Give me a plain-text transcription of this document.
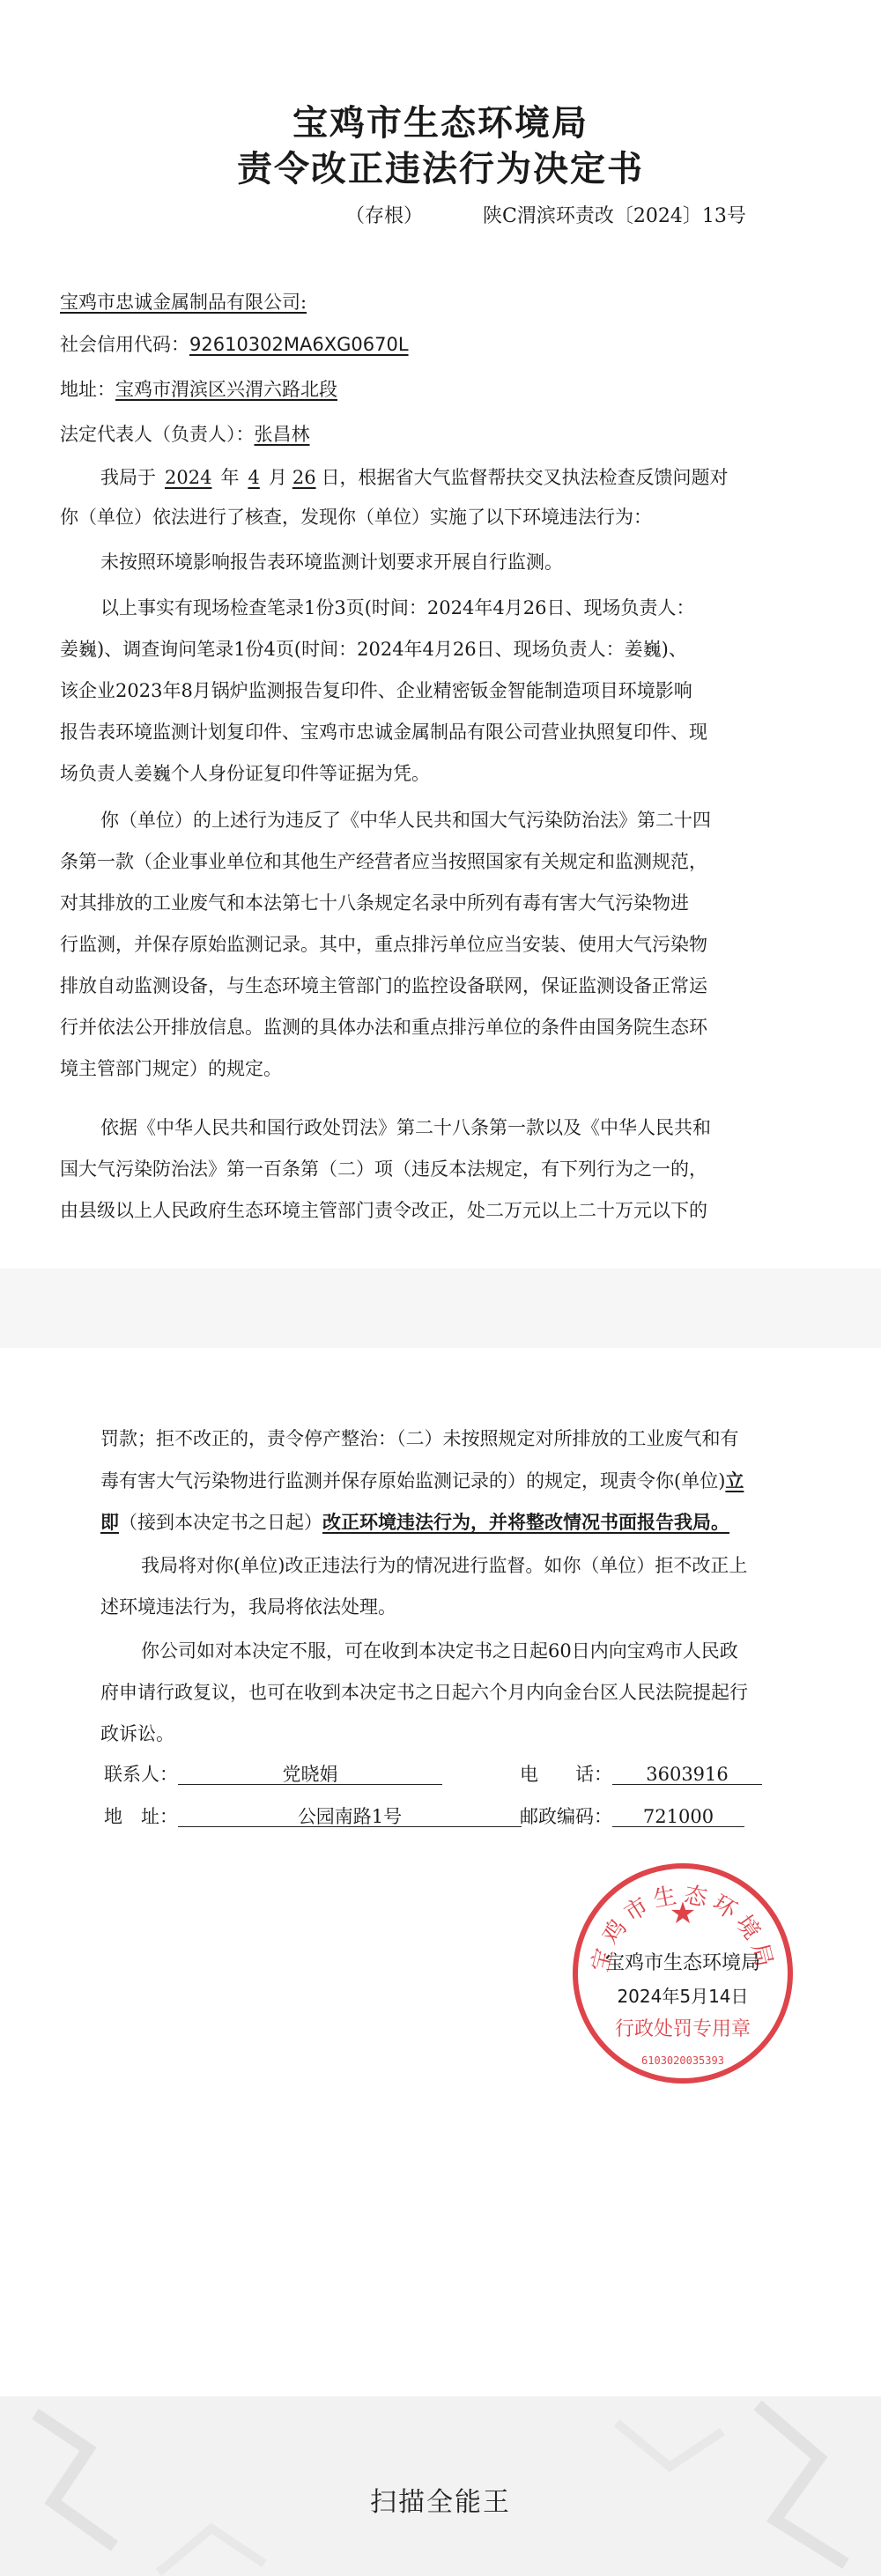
宝鸡市生态环境局
责令改正违法行为决定书
（存根）	陕C渭滨环责改〔2024〕13号
宝鸡市忠诚金属制品有限公司:
社会信用代码：92610302MA6XG0670L
地址：宝鸡市渭滨区兴渭六路北段
法定代表人（负责人）：张昌林
我局于 2024 年 4 月 26 日，根据省大气监督帮扶交叉执法检查反馈问题对
你（单位）依法进行了核查，发现你（单位）实施了以下环境违法行为：
未按照环境影响报告表环境监测计划要求开展自行监测。
以上事实有现场检查笔录1份3页(时间：2024年4月26日、现场负责人：
姜巍)、调查询问笔录1份4页(时间：2024年4月26日、现场负责人：姜巍)、
该企业2023年8月锅炉监测报告复印件、企业精密钣金智能制造项目环境影响
报告表环境监测计划复印件、宝鸡市忠诚金属制品有限公司营业执照复印件、现
场负责人姜巍个人身份证复印件等证据为凭。
你（单位）的上述行为违反了《中华人民共和国大气污染防治法》第二十四
条第一款（企业事业单位和其他生产经营者应当按照国家有关规定和监测规范，
对其排放的工业废气和本法第七十八条规定名录中所列有毒有害大气污染物进
行监测，并保存原始监测记录。其中，重点排污单位应当安装、使用大气污染物
排放自动监测设备，与生态环境主管部门的监控设备联网，保证监测设备正常运
行并依法公开排放信息。监测的具体办法和重点排污单位的条件由国务院生态环
境主管部门规定）的规定。
依据《中华人民共和国行政处罚法》第二十八条第一款以及《中华人民共和
国大气污染防治法》第一百条第（二）项（违反本法规定，有下列行为之一的，
由县级以上人民政府生态环境主管部门责令改正，处二万元以上二十万元以下的
罚款；拒不改正的，责令停产整治：（二）未按照规定对所排放的工业废气和有
毒有害大气污染物进行监测并保存原始监测记录的）的规定，现责令你(单位)立
即（接到本决定书之日起）改正环境违法行为，并将整改情况书面报告我局。
我局将对你(单位)改正违法行为的情况进行监督。如你（单位）拒不改正上
述环境违法行为，我局将依法处理。
你公司如对本决定不服，可在收到本决定书之日起60日内向宝鸡市人民政
府申请行政复议，也可在收到本决定书之日起六个月内向金台区人民法院提起行
政诉讼。
联系人：	党晓娟	电　　话： 3603916
地　址：	公园南路1号	邮政编码： 721000
宝鸡市生态环境局
★
宝鸡市生态环境局
2024年5月14日
行政处罚专用章
6103020035393
扫描全能王
